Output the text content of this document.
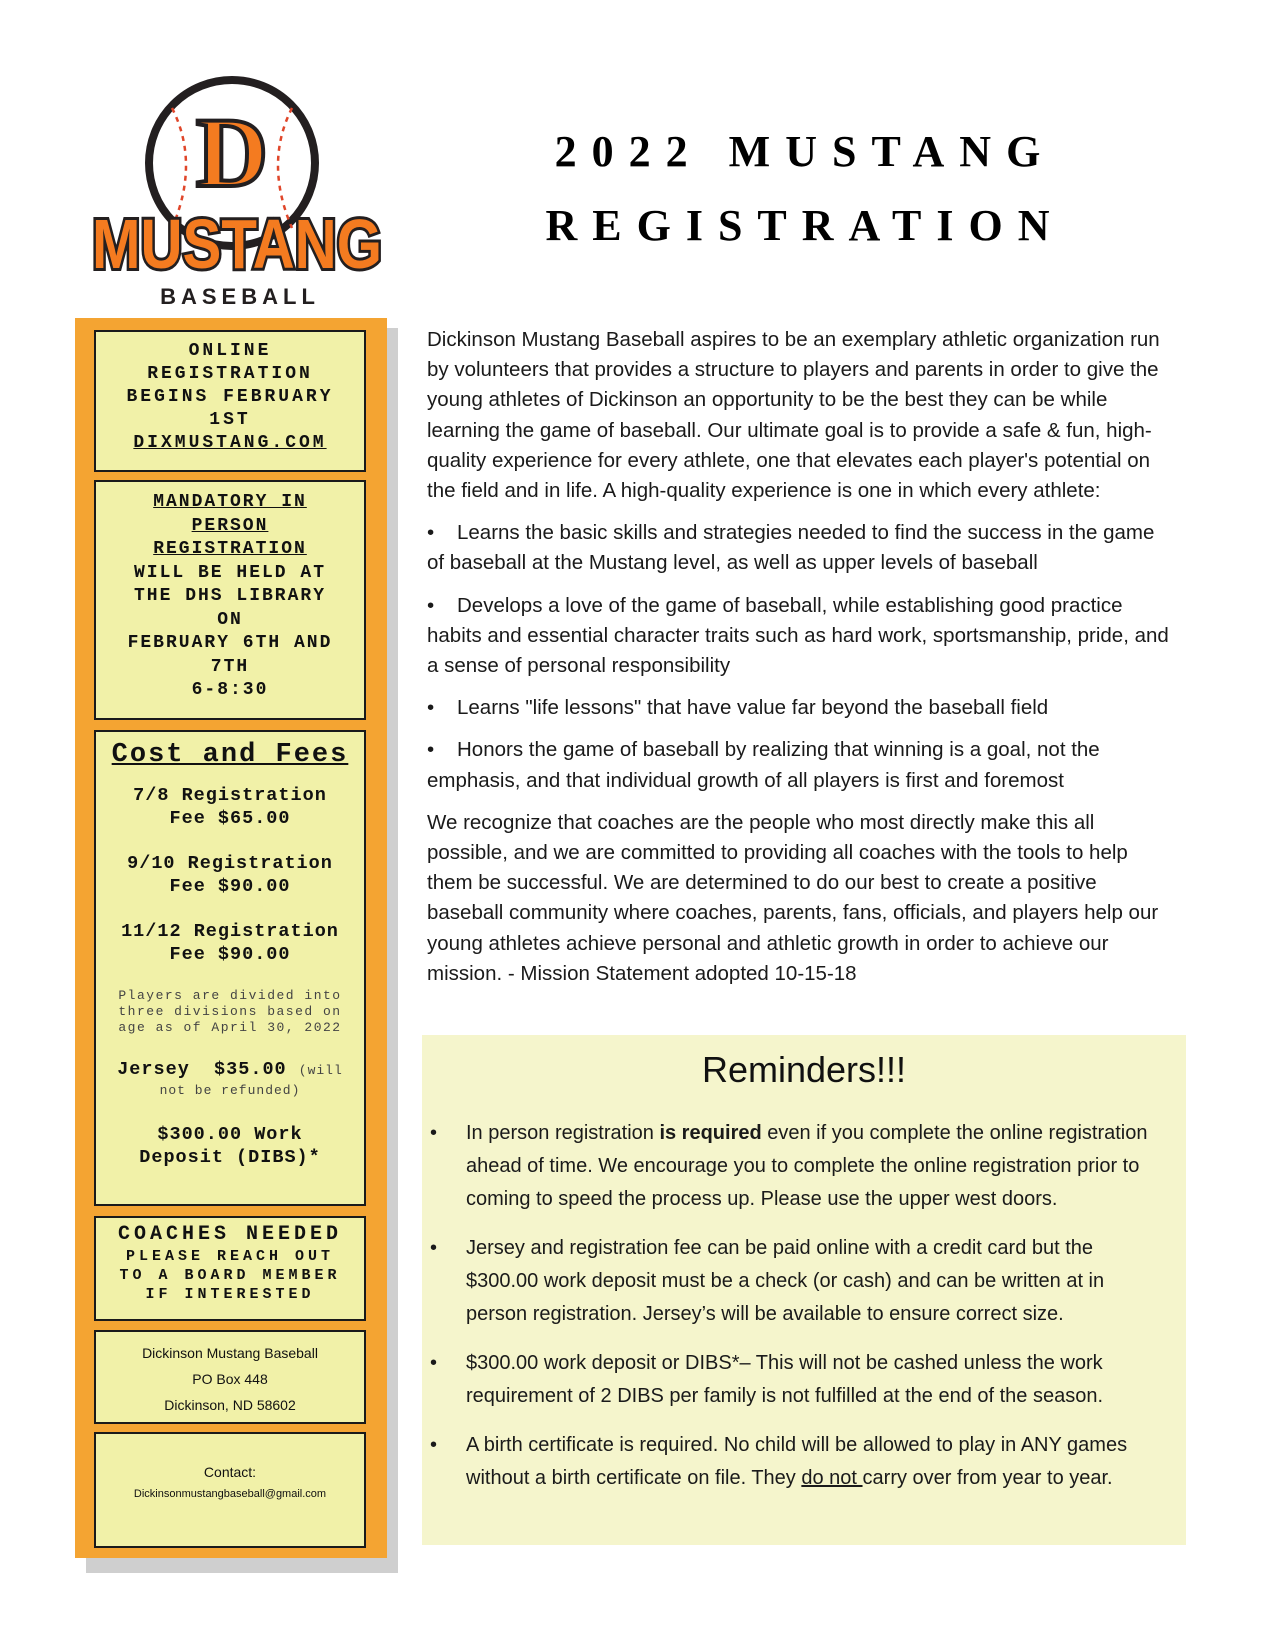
D
MUSTANG
BASEBALL
2022 MUSTANG
REGISTRATION
ONLINE
REGISTRATION
BEGINS FEBRUARY
1ST
DIXMUSTANG.COM
MANDATORY IN
PERSON
REGISTRATION
WILL BE HELD AT
THE DHS LIBRARY
ON
FEBRUARY 6TH AND
7TH
6-8:30
Cost and Fees
7/8 Registration
Fee $65.00
9/10 Registration
Fee $90.00
11/12 Registration
Fee $90.00
Players are divided into
three divisions based on
age as of April 30, 2022
Jersey $35.00 (will
not be refunded)
$300.00 Work
Deposit (DIBS)*
COACHES NEEDED
PLEASE REACH OUT
TO A BOARD MEMBER
IF INTERESTED
Dickinson Mustang Baseball
PO Box 448
Dickinson, ND 58602
Contact:
Dickinsonmustangbaseball@gmail.com

Dickinson Mustang Baseball aspires to be an exemplary athletic organization run by volunteers that provides a structure to players and parents in order to give the young athletes of Dickinson an opportunity to be the best they can be while learning the game of baseball. Our ultimate goal is to provide a safe & fun, high-quality experience for every athlete, one that elevates each player's potential on the field and in life. A high-quality experience is one in which every athlete:

• Learns the basic skills and strategies needed to find the success in the game of baseball at the Mustang level, as well as upper levels of baseball

• Develops a love of the game of baseball, while establishing good practice habits and essential character traits such as hard work, sportsmanship, pride, and a sense of personal responsibility

• Learns "life lessons" that have value far beyond the baseball field

• Honors the game of baseball by realizing that winning is a goal, not the emphasis, and that individual growth of all players is first and foremost

We recognize that coaches are the people who most directly make this all possible, and we are committed to providing all coaches with the tools to help them be successful. We are determined to do our best to create a positive baseball community where coaches, parents, fans, officials, and players help our young athletes achieve personal and athletic growth in order to achieve our mission. - Mission Statement adopted 10-15-18

Reminders!!!
• In person registration is required even if you complete the online registration ahead of time. We encourage you to complete the online registration prior to coming to speed the process up. Please use the upper west doors.
• Jersey and registration fee can be paid online with a credit card but the $300.00 work deposit must be a check (or cash) and can be written at in person registration. Jersey’s will be available to ensure correct size.
• $300.00 work deposit or DIBS*– This will not be cashed unless the work requirement of 2 DIBS per family is not fulfilled at the end of the season.
• A birth certificate is required. No child will be allowed to play in ANY games without a birth certificate on file. They do not carry over from year to year.
